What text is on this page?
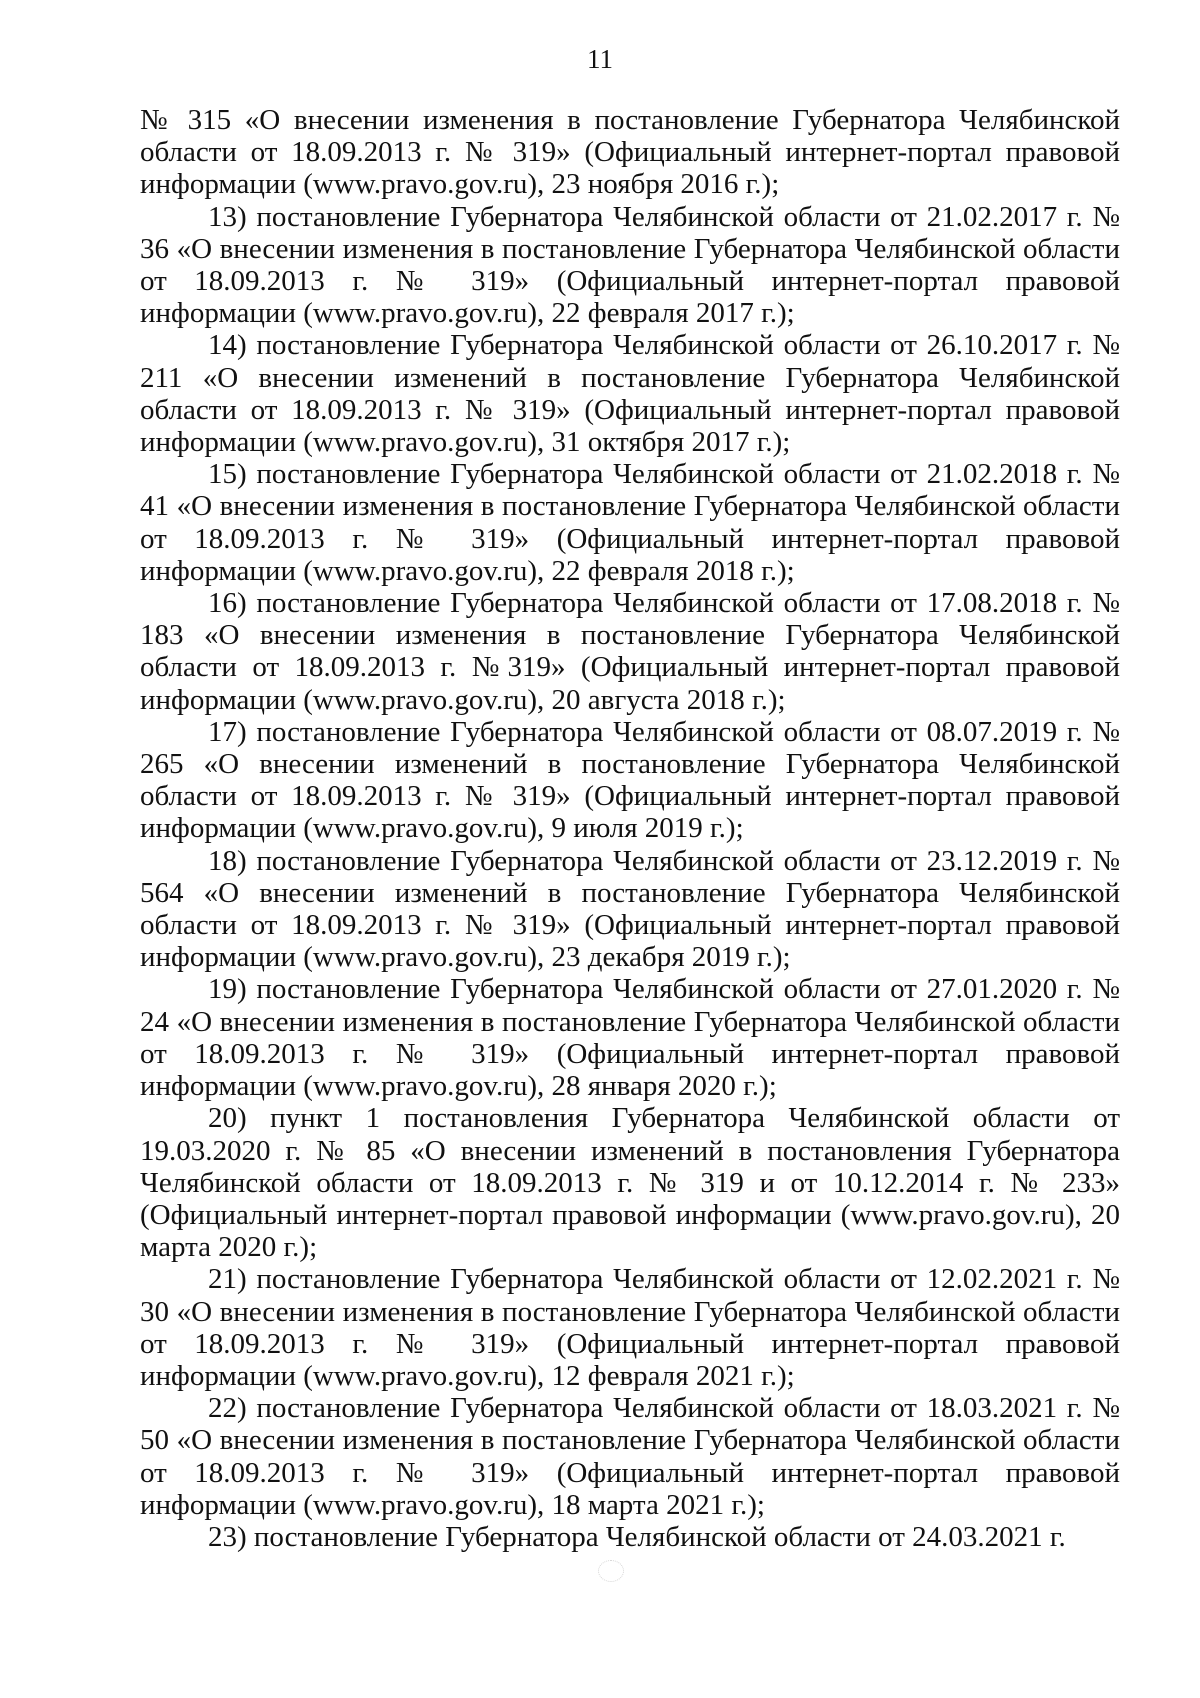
11

№ 315 «О внесении изменения в постановление Губернатора Челябинской области от 18.09.2013 г. № 319» (Официальный интернет-портал правовой информации (www.pravo.gov.ru), 23 ноября 2016 г.);

13) постановление Губернатора Челябинской области от 21.02.2017 г. № 36 «О внесении изменения в постановление Губернатора Челябинской области от 18.09.2013 г. № 319» (Официальный интернет-портал правовой информации (www.pravo.gov.ru), 22 февраля 2017 г.);

14) постановление Губернатора Челябинской области от 26.10.2017 г. № 211 «О внесении изменений в постановление Губернатора Челябинской области от 18.09.2013 г. № 319» (Официальный интернет-портал правовой информации (www.pravo.gov.ru), 31 октября 2017 г.);

15) постановление Губернатора Челябинской области от 21.02.2018 г. № 41 «О внесении изменения в постановление Губернатора Челябинской области от 18.09.2013 г. № 319» (Официальный интернет-портал правовой информации (www.pravo.gov.ru), 22 февраля 2018 г.);

16) постановление Губернатора Челябинской области от 17.08.2018 г. № 183 «О внесении изменения в постановление Губернатора Челябинской области от 18.09.2013 г. №319» (Официальный интернет-портал правовой информации (www.pravo.gov.ru), 20 августа 2018 г.);

17) постановление Губернатора Челябинской области от 08.07.2019 г. № 265 «О внесении изменений в постановление Губернатора Челябинской области от 18.09.2013 г. № 319» (Официальный интернет-портал правовой информации (www.pravo.gov.ru), 9 июля 2019 г.);

18) постановление Губернатора Челябинской области от 23.12.2019 г. № 564 «О внесении изменений в постановление Губернатора Челябинской области от 18.09.2013 г. № 319» (Официальный интернет-портал правовой информации (www.pravo.gov.ru), 23 декабря 2019 г.);

19) постановление Губернатора Челябинской области от 27.01.2020 г. № 24 «О внесении изменения в постановление Губернатора Челябинской области от 18.09.2013 г. № 319» (Официальный интернет-портал правовой информации (www.pravo.gov.ru), 28 января 2020 г.);

20) пункт 1 постановления Губернатора Челябинской области от 19.03.2020 г. № 85 «О внесении изменений в постановления Губернатора Челябинской области от 18.09.2013 г. № 319 и от 10.12.2014 г. № 233» (Официальный интернет-портал правовой информации (www.pravo.gov.ru), 20 марта 2020 г.);

21) постановление Губернатора Челябинской области от 12.02.2021 г. № 30 «О внесении изменения в постановление Губернатора Челябинской области от 18.09.2013 г. № 319» (Официальный интернет-портал правовой информации (www.pravo.gov.ru), 12 февраля 2021 г.);

22) постановление Губернатора Челябинской области от 18.03.2021 г. № 50 «О внесении изменения в постановление Губернатора Челябинской области от 18.09.2013 г. № 319» (Официальный интернет-портал правовой информации (www.pravo.gov.ru), 18 марта 2021 г.);

23) постановление Губернатора Челябинской области от 24.03.2021 г.
